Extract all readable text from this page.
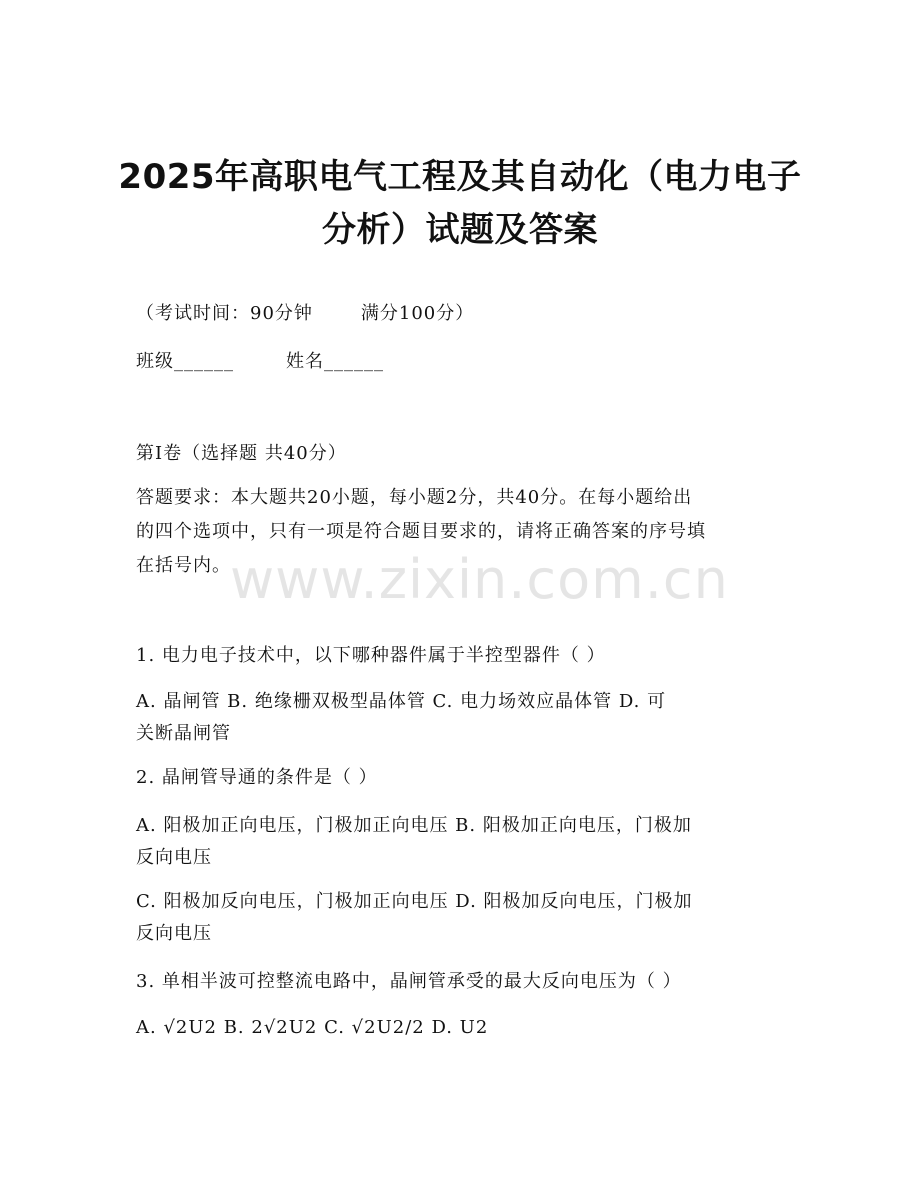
2025年高职电气工程及其自动化（电力电子
分析）试题及答案
（考试时间：90分钟	满分100分）
班级______	姓名______
第I卷（选择题 共40分）
答题要求：本大题共20小题，每小题2分，共40分。在每小题给出
的四个选项中，只有一项是符合题目要求的，请将正确答案的序号填
在括号内。
1. 电力电子技术中，以下哪种器件属于半控型器件（ ）
A. 晶闸管 B. 绝缘栅双极型晶体管 C. 电力场效应晶体管 D. 可
关断晶闸管
2. 晶闸管导通的条件是（ ）
A. 阳极加正向电压，门极加正向电压 B. 阳极加正向电压，门极加
反向电压
C. 阳极加反向电压，门极加正向电压 D. 阳极加反向电压，门极加
反向电压
3. 单相半波可控整流电路中，晶闸管承受的最大反向电压为（ ）
A. √2U2 B. 2√2U2 C. √2U2/2 D. U2
www.zixin.com.cn
